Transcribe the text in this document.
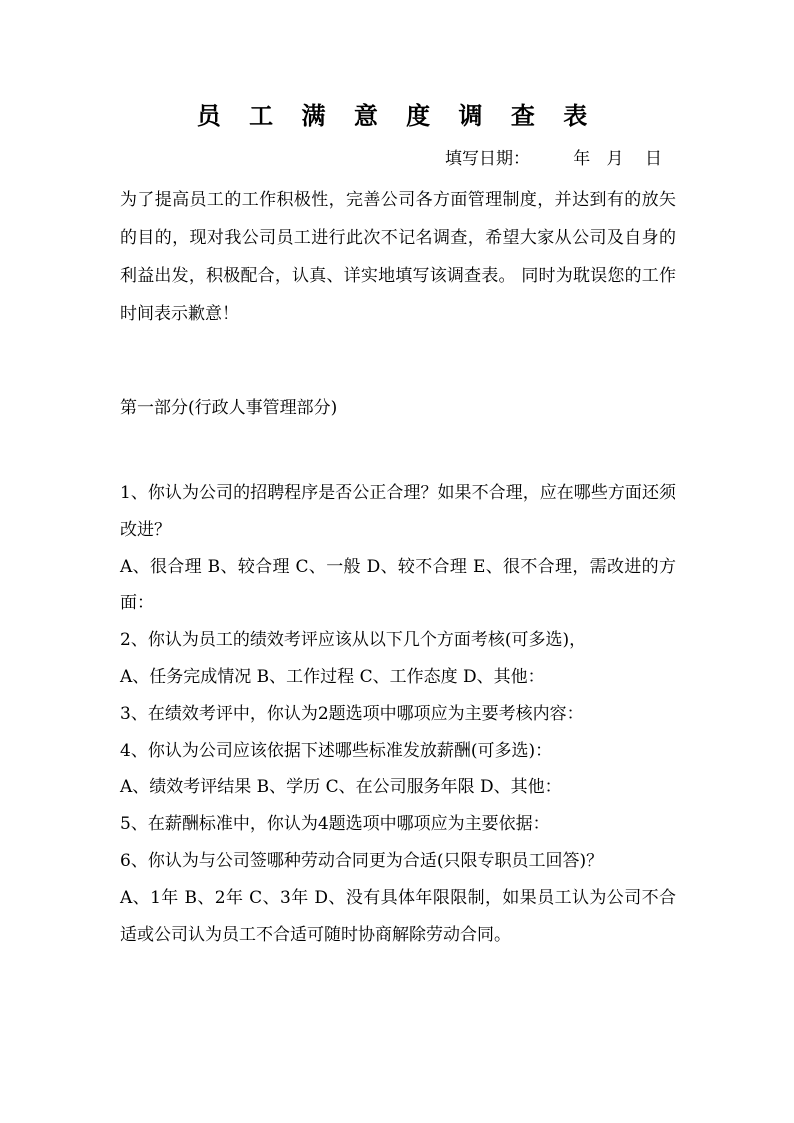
员 工 满 意 度 调 查 表
填写日期：        年   月    日

为了提高员工的工作积极性，完善公司各方面管理制度，并达到有的放矢的目的，现对我公司员工进行此次不记名调查，希望大家从公司及自身的利益出发，积极配合，认真、详实地填写该调查表。 同时为耽误您的工作时间表示歉意！

第一部分(行政人事管理部分)

1、你认为公司的招聘程序是否公正合理？如果不合理，应在哪些方面还须改进？

A、很合理 B、较合理 C、一般 D、较不合理 E、很不合理，需改进的方面：

2、你认为员工的绩效考评应该从以下几个方面考核(可多选)，

A、任务完成情况 B、工作过程 C、工作态度 D、其他：

3、在绩效考评中，你认为2题选项中哪项应为主要考核内容：

4、你认为公司应该依据下述哪些标准发放薪酬(可多选)：

A、绩效考评结果 B、学历 C、在公司服务年限 D、其他：

5、在薪酬标准中，你认为4题选项中哪项应为主要依据：

6、你认为与公司签哪种劳动合同更为合适(只限专职员工回答)？

A、1年 B、2年 C、3年 D、没有具体年限限制，如果员工认为公司不合适或公司认为员工不合适可随时协商解除劳动合同。
